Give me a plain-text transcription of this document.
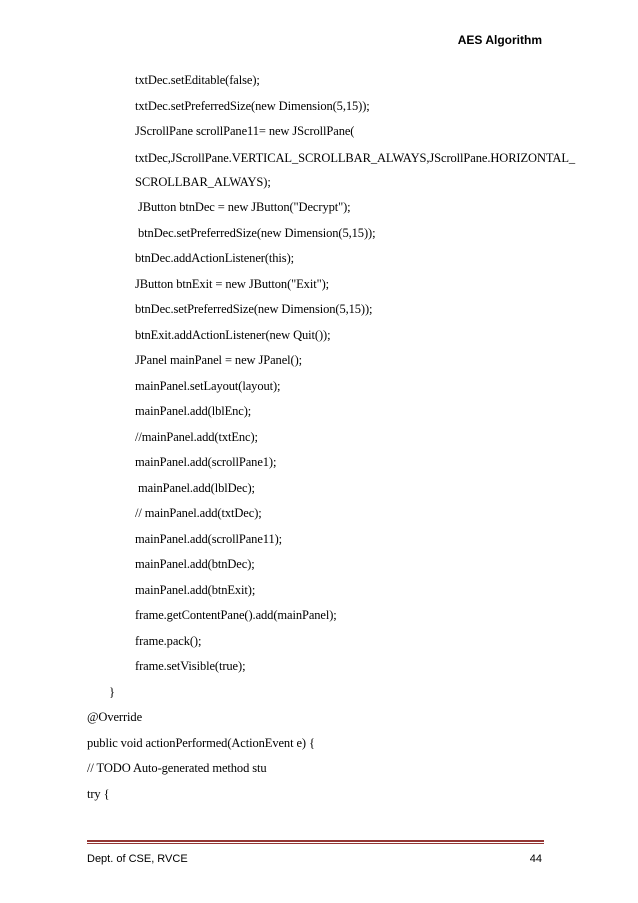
AES Algorithm
txtDec.setEditable(false);
txtDec.setPreferredSize(new Dimension(5,15));
JScrollPane scrollPane11= new JScrollPane(
txtDec,JScrollPane.VERTICAL_SCROLLBAR_ALWAYS,JScrollPane.HORIZONTAL_
SCROLLBAR_ALWAYS);
JButton btnDec = new JButton("Decrypt");
btnDec.setPreferredSize(new Dimension(5,15));
btnDec.addActionListener(this);
JButton btnExit = new JButton("Exit");
btnDec.setPreferredSize(new Dimension(5,15));
btnExit.addActionListener(new Quit());
JPanel mainPanel = new JPanel();
mainPanel.setLayout(layout);
mainPanel.add(lblEnc);
//mainPanel.add(txtEnc);
mainPanel.add(scrollPane1);
mainPanel.add(lblDec);
// mainPanel.add(txtDec);
mainPanel.add(scrollPane11);
mainPanel.add(btnDec);
mainPanel.add(btnExit);
frame.getContentPane().add(mainPanel);
frame.pack();
frame.setVisible(true);
}
@Override
public void actionPerformed(ActionEvent e) {
// TODO Auto-generated method stu
try {
Dept. of CSE, RVCE	44
